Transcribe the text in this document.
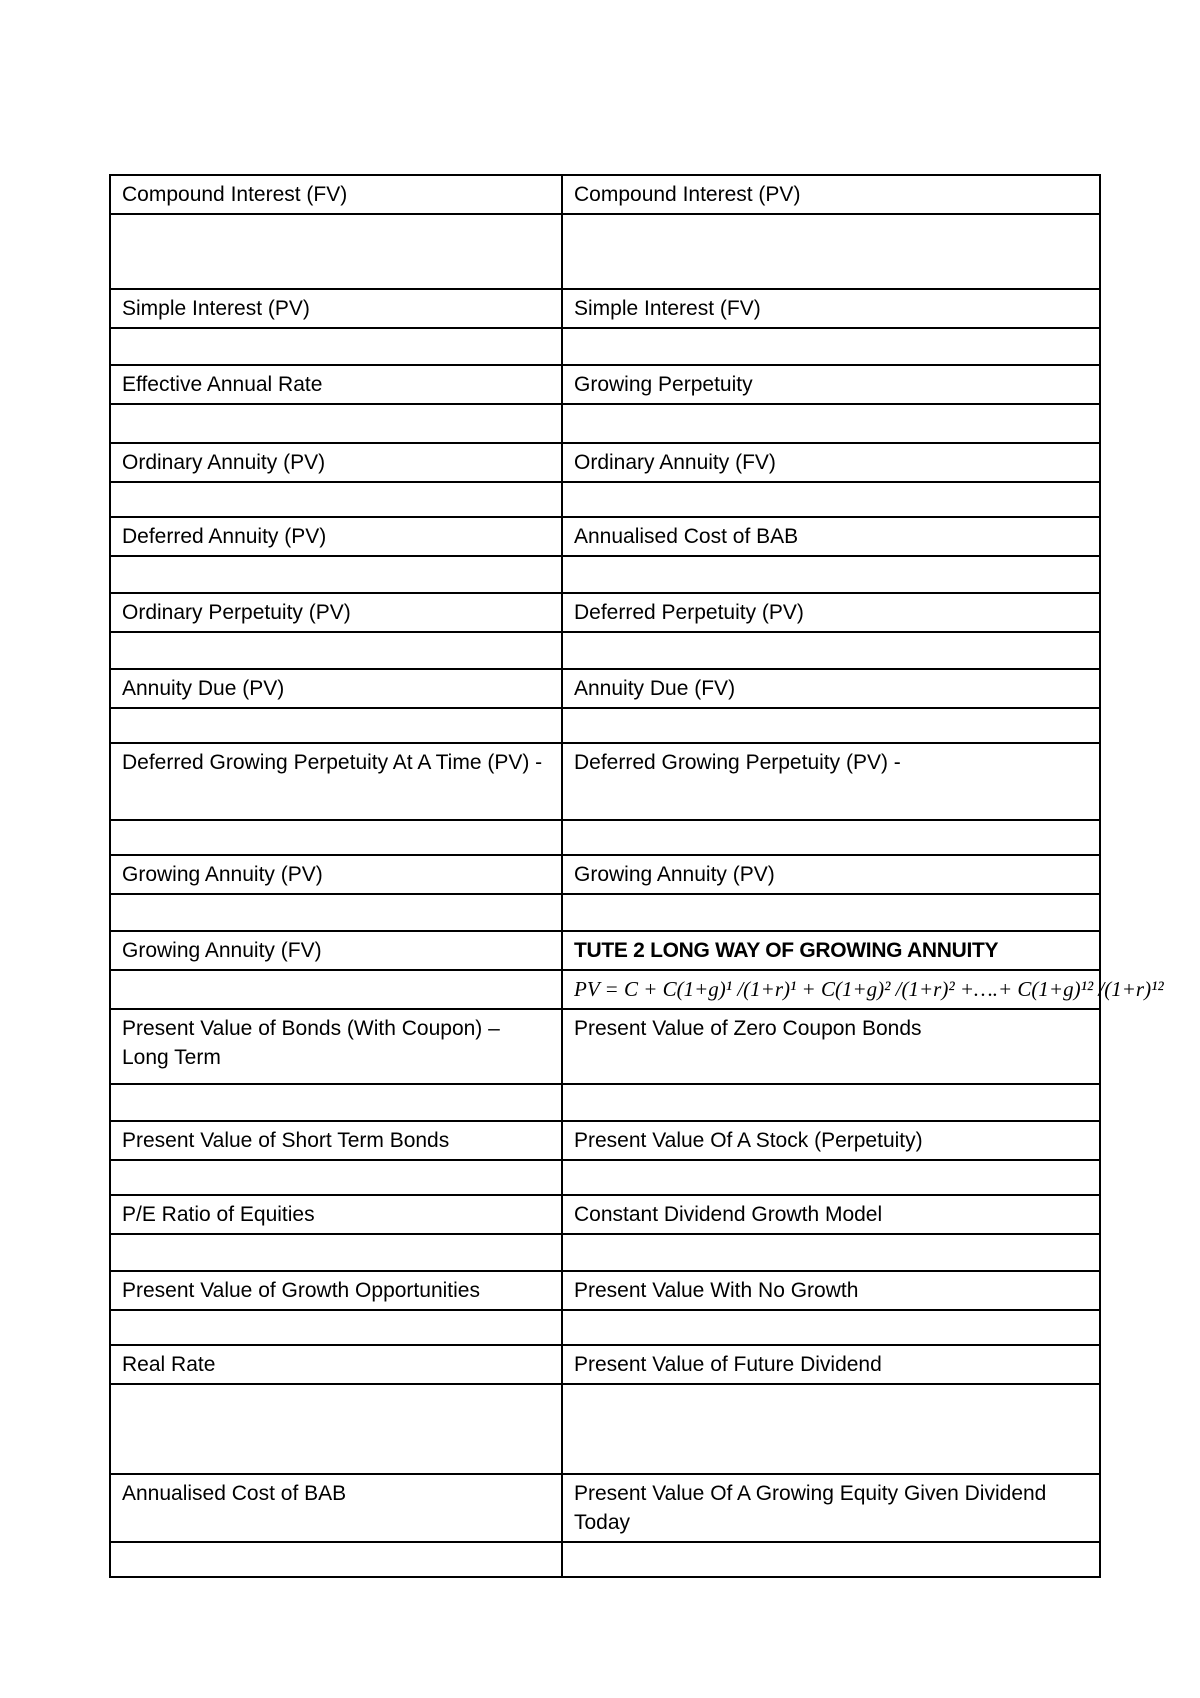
Compound Interest (FV)	Compound Interest (PV)

Simple Interest (PV)	Simple Interest (FV)

Effective Annual Rate	Growing Perpetuity

Ordinary Annuity (PV)	Ordinary Annuity (FV)

Deferred Annuity (PV)	Annualised Cost of BAB

Ordinary Perpetuity (PV)	Deferred Perpetuity (PV)

Annuity Due (PV)	Annuity Due (FV)

Deferred Growing Perpetuity At A Time (PV) -	Deferred Growing Perpetuity (PV) -

Growing Annuity (PV)	Growing Annuity (PV)

Growing Annuity (FV)	TUTE 2 LONG WAY OF GROWING ANNUITY
	PV = C + C(1+g)¹ /(1+r)¹ + C(1+g)² /(1+r)² +….+ C(1+g)¹² /(1+r)¹²
Present Value of Bonds (With Coupon) – Long Term	Present Value of Zero Coupon Bonds

Present Value of Short Term Bonds	Present Value Of A Stock (Perpetuity)

P/E Ratio of Equities	Constant Dividend Growth Model

Present Value of Growth Opportunities	Present Value With No Growth

Real Rate	Present Value of Future Dividend

Annualised Cost of BAB	Present Value Of A Growing Equity Given Dividend Today
